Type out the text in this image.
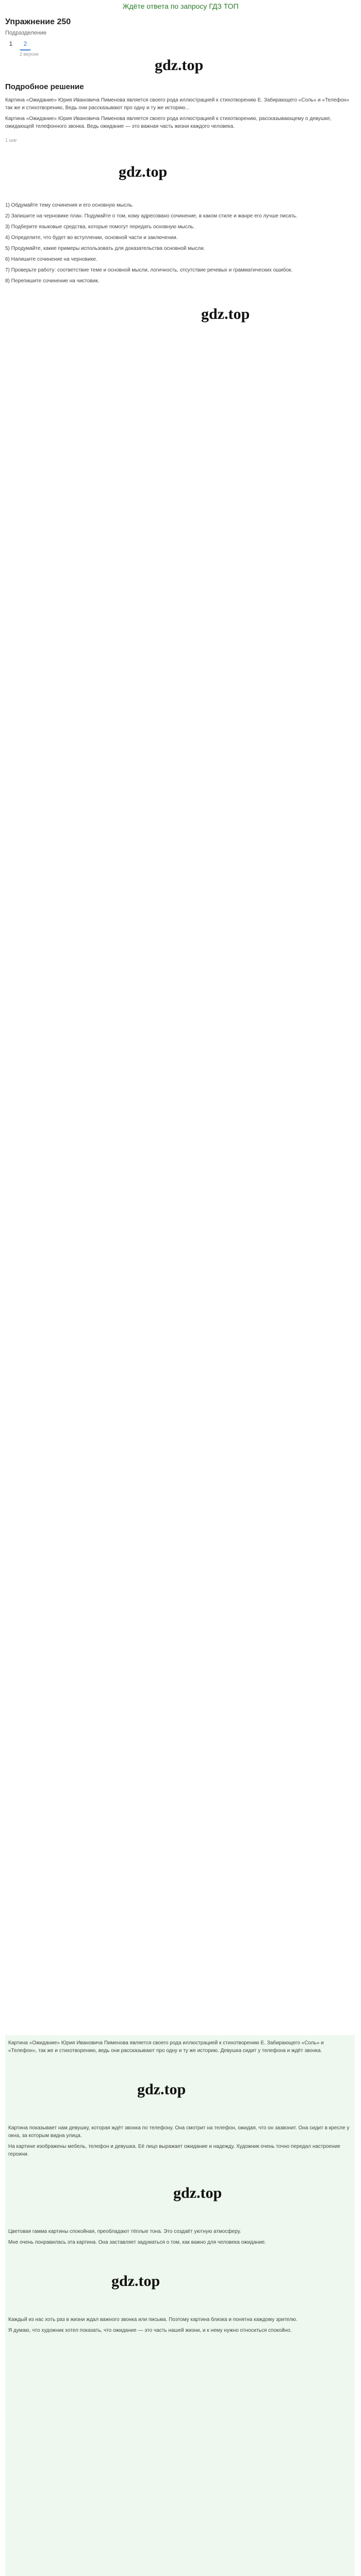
Ждёте ответа по запросу ГДЗ ТОП
Упражнение 250
Подразделение
1	2
2 версии
gdz.top
Подробное решение

Картина «Ожидание» Юрия Ивановича Пименова является своего рода иллюстрацией к стихотворению Е. Забирающего «Соль» и «Телефон» так же и стихотворению, Ведь они рассказывают про одну и ту же историю...

Картина «Ожидание» Юрия Ивановича Пименова является своего рода иллюстрацией к стихотворению, рассказывающему о девушке, ожидающей телефонного звонка. Ведь ожидание — это важная часть жизни каждого человека.

1 шаг
gdz.top

1) Обдумайте тему сочинения и его основную мысль.

2) Запишите на черновике план. Подумайте о том, кому адресовано сочинение, в каком стиле и жанре его лучше писать.

3) Подберите языковые средства, которые помогут передать основную мысль.

4) Определите, что будет во вступлении, основной части и заключении.

5) Продумайте, какие примеры использовать для доказательства основной мысли.

6) Напишите сочинение на черновике.

7) Проверьте работу: соответствие теме и основной мысли, логичность, отсутствие речевых и грамматических ошибок.

8) Перепишите сочинение на чистовик.

gdz.top

Картина «Ожидание» Юрия Ивановича Пименова является своего рода иллюстрацией к стихотворению Е. Забирающего «Соль» и «Телефон», так же и стихотворению, ведь они рассказывают про одну и ту же историю. Девушка сидит у телефона и ждёт звонка.

gdz.top

Картина показывает нам девушку, которая ждёт звонка по телефону. Она смотрит на телефон, ожидая, что он зазвонит. Она сидит в кресле у окна, за которым видна улица.

На картине изображены мебель, телефон и девушка. Её лицо выражает ожидание и надежду. Художник очень точно передал настроение героини.

gdz.top

Цветовая гамма картины спокойная, преобладают тёплые тона. Это создаёт уютную атмосферу.

Мне очень понравилась эта картина. Она заставляет задуматься о том, как важно для человека ожидание.

gdz.top

Каждый из нас хоть раз в жизни ждал важного звонка или письма. Поэтому картина близка и понятна каждому зрителю.

Я думаю, что художник хотел показать, что ожидание — это часть нашей жизни, и к нему нужно относиться спокойно.
